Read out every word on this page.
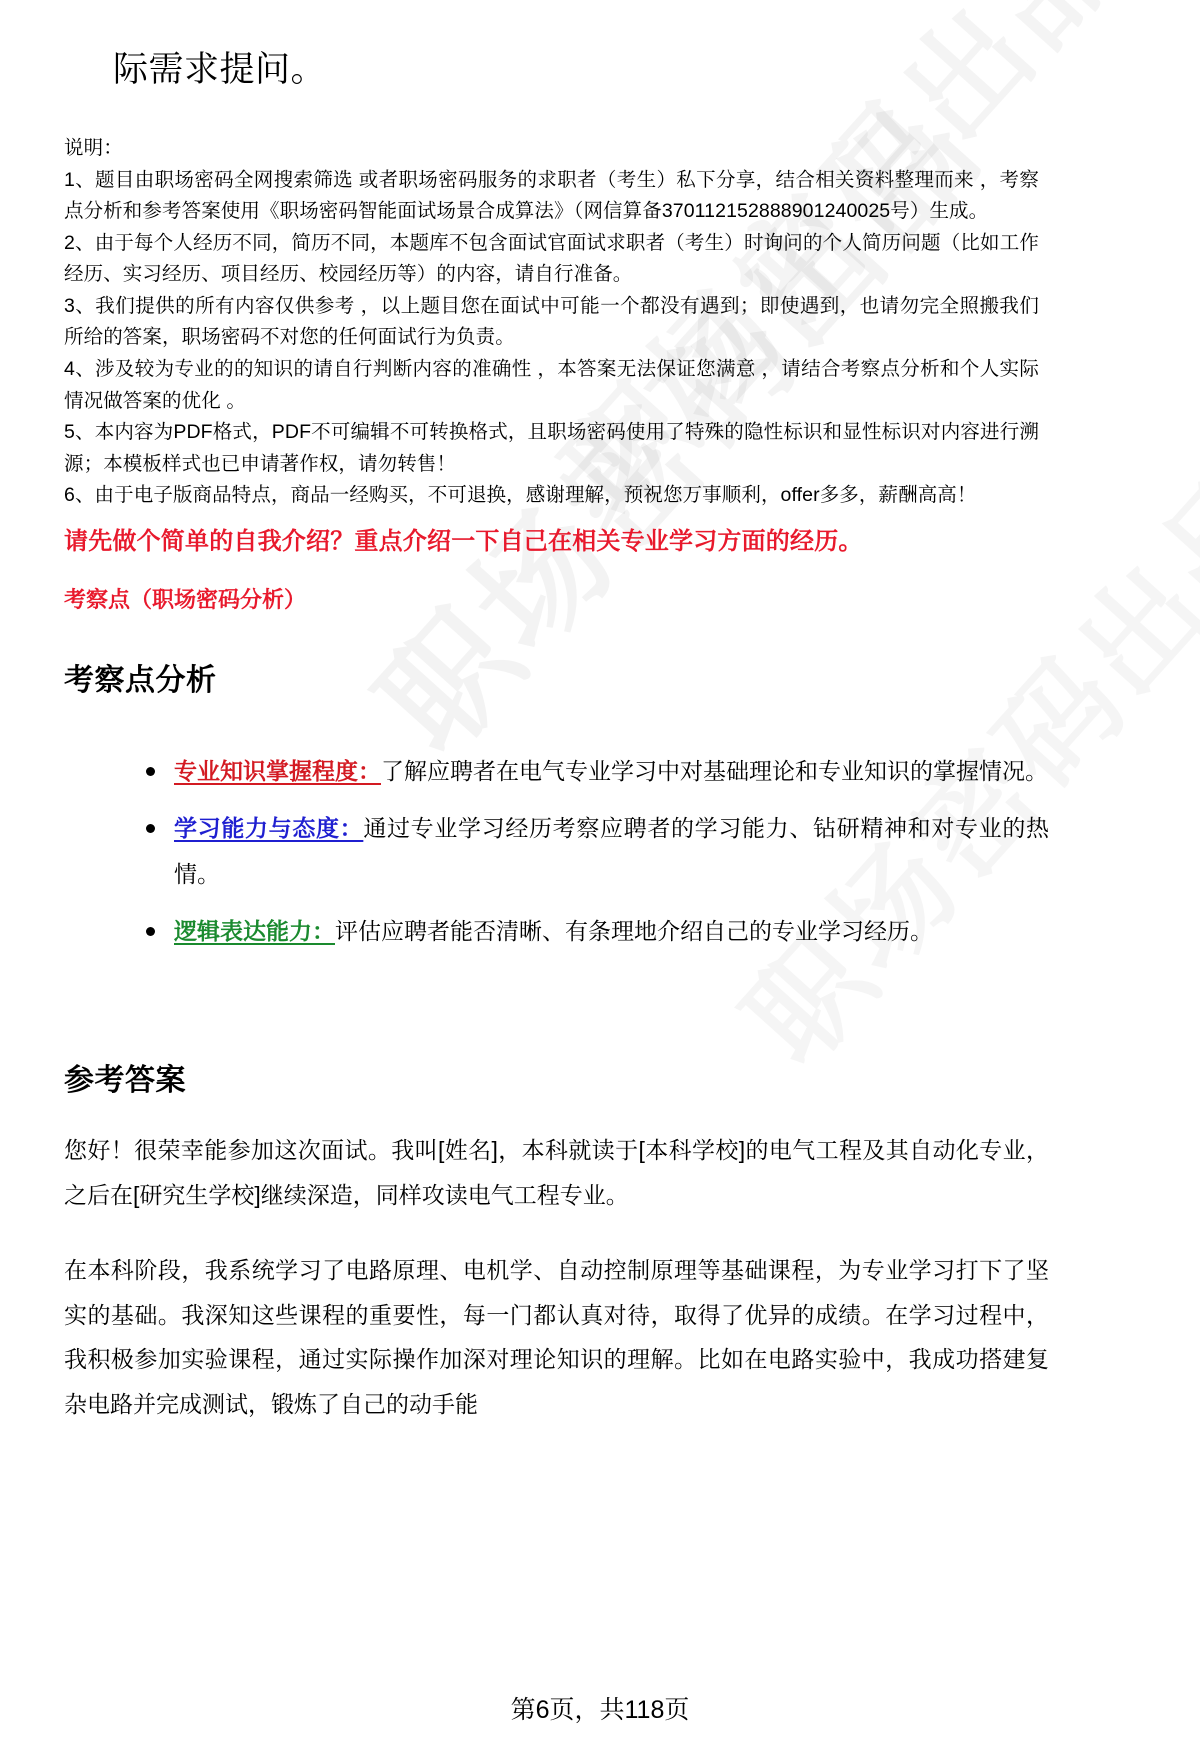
际需求提问。

说明：

1、题目由职场密码全网搜索筛选 或者职场密码服务的求职者（考生）私下分享，结合相关资料整理而来 ，考察点分析和参考答案使用《职场密码智能面试场景合成算法》（网信算备370112152888901240025号）生成。

2、由于每个人经历不同，简历不同，本题库不包含面试官面试求职者（考生）时询问的个人简历问题（比如工作经历、实习经历、项目经历、校园经历等）的内容，请自行准备。

3、我们提供的所有内容仅供参考 ，以上题目您在面试中可能一个都没有遇到；即使遇到，也请勿完全照搬我们所给的答案，职场密码不对您的任何面试行为负责。

4、涉及较为专业的的知识的请自行判断内容的准确性 ，本答案无法保证您满意 ，请结合考察点分析和个人实际情况做答案的优化 。

5、本内容为PDF格式，PDF不可编辑不可转换格式，且职场密码使用了特殊的隐性标识和显性标识对内容进行溯源；本模板样式也已申请著作权，请勿转售！

6、由于电子版商品特点，商品一经购买，不可退换，感谢理解，预祝您万事顺利，offer多多，薪酬高高！

请先做个简单的自我介绍？重点介绍一下自己在相关专业学习方面的经历。
考察点（职场密码分析）
考察点分析
专业知识掌握程度：了解应聘者在电气专业学习中对基础理论和专业知识的掌握情况。
学习能力与态度：通过专业学习经历考察应聘者的学习能力、钻研精神和对专业的热情。
逻辑表达能力：评估应聘者能否清晰、有条理地介绍自己的专业学习经历。
参考答案

您好！很荣幸能参加这次面试。我叫[姓名]，本科就读于[本科学校]的电气工程及其自动化专业，之后在[研究生学校]继续深造，同样攻读电气工程专业。

在本科阶段，我系统学习了电路原理、电机学、自动控制原理等基础课程，为专业学习打下了坚实的基础。我深知这些课程的重要性，每一门都认真对待，取得了优异的成绩。在学习过程中，我积极参加实验课程，通过实际操作加深对理论知识的理解。比如在电路实验中，我成功搭建复杂电路并完成测试，锻炼了自己的动手能

第6页，共118页
